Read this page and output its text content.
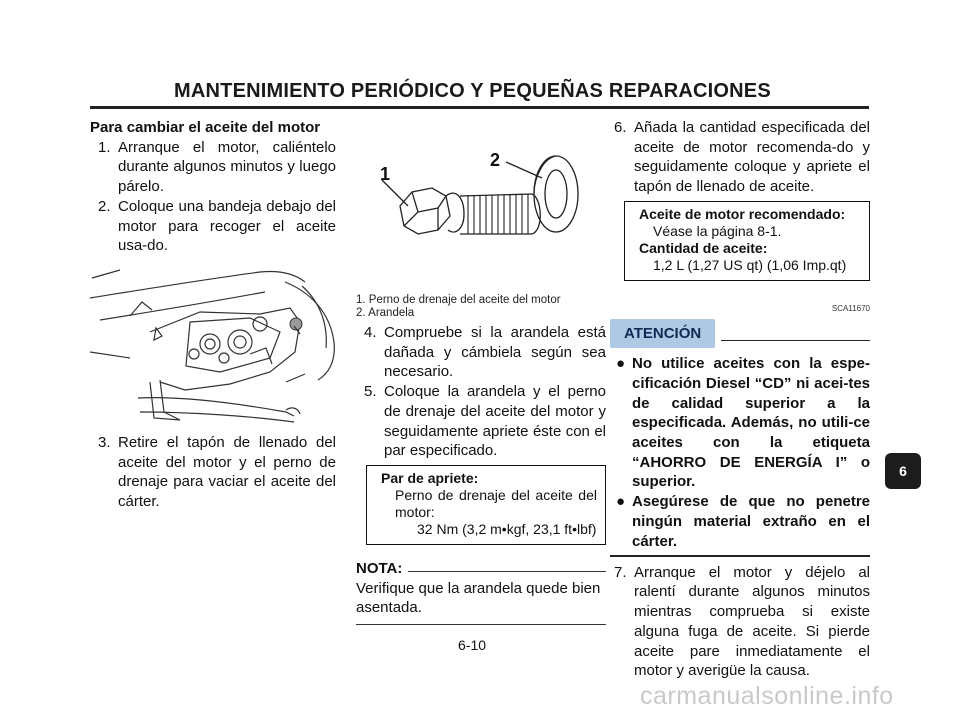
MANTENIMIENTO PERIÓDICO Y PEQUEÑAS REPARACIONES
Para cambiar el aceite del motor
1. Arranque el motor, caliéntelo durante algunos minutos y luego párelo.
2. Coloque una bandeja debajo del motor para recoger el aceite usa-do.
3. Retire el tapón de llenado del aceite del motor y el perno de drenaje para vaciar el aceite del cárter.
1
2
1. Perno de drenaje del aceite del motor
2. Arandela
4. Compruebe si la arandela está dañada y cámbiela según sea necesario.
5. Coloque la arandela y el perno de drenaje del aceite del motor y seguidamente apriete éste con el par especificado.
Par de apriete:
Perno de drenaje del aceite del motor:
32 Nm (3,2 m•kgf, 23,1 ft•lbf)
NOTA:
Verifique que la arandela quede bien asentada.
6. Añada la cantidad especificada del aceite de motor recomenda-do y seguidamente coloque y apriete el tapón de llenado de aceite.
Aceite de motor recomendado:
Véase la página 8-1.
Cantidad de aceite:
1,2 L (1,27 US qt) (1,06 Imp.qt)
SCA11670
ATENCIÓN
● No utilice aceites con la espe-cificación Diesel “CD” ni acei-tes de calidad superior a la especificada. Además, no utili-ce aceites con la etiqueta “AHORRO DE ENERGÍA I” o superior.
● Asegúrese de que no penetre ningún material extraño en el cárter.
7. Arranque el motor y déjelo al ralentí durante algunos minutos mientras comprueba si existe alguna fuga de aceite. Si pierde aceite pare inmediatamente el motor y averigüe la causa.
6
6-10
carmanualsonline.info
